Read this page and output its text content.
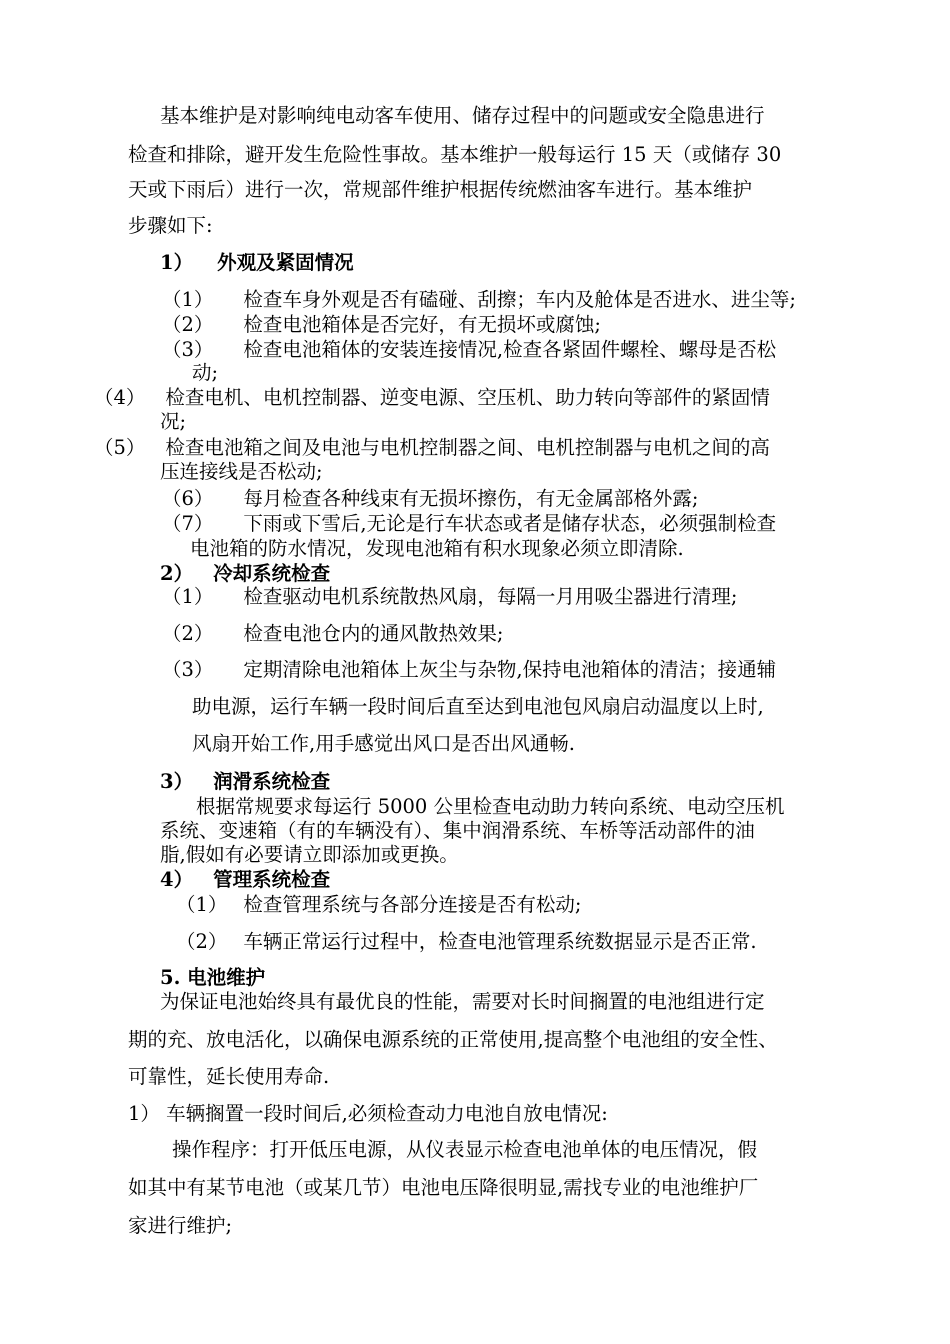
基本维护是对影响纯电动客车使用、储存过程中的问题或安全隐患进行
检查和排除，避开发生危险性事故。基本维护一般每运行 15 天（或储存 30
天或下雨后）进行一次，常规部件维护根据传统燃油客车进行。基本维护
步骤如下:
1） 外观及紧固情况
（1） 检查车身外观是否有磕碰、刮擦；车内及舱体是否进水、进尘等;
（2） 检查电池箱体是否完好，有无损坏或腐蚀;
（3） 检查电池箱体的安装连接情况,检查各紧固件螺栓、螺母是否松
动;
（4） 检查电机、电机控制器、逆变电源、空压机、助力转向等部件的紧固情
况;
（5） 检查电池箱之间及电池与电机控制器之间、电机控制器与电机之间的高
压连接线是否松动;
（6） 每月检查各种线束有无损坏擦伤，有无金属部格外露;
（7） 下雨或下雪后,无论是行车状态或者是储存状态，必须强制检查
电池箱的防水情况，发现电池箱有积水现象必须立即清除.
2） 冷却系统检查
（1） 检查驱动电机系统散热风扇，每隔一月用吸尘器进行清理;
（2） 检查电池仓内的通风散热效果;
（3） 定期清除电池箱体上灰尘与杂物,保持电池箱体的清洁；接通辅
助电源，运行车辆一段时间后直至达到电池包风扇启动温度以上时,
风扇开始工作,用手感觉出风口是否出风通畅.
3） 润滑系统检查
根据常规要求每运行 5000 公里检查电动助力转向系统、电动空压机
系统、变速箱（有的车辆没有）、集中润滑系统、车桥等活动部件的油
脂,假如有必要请立即添加或更换。
4） 管理系统检查
（1） 检查管理系统与各部分连接是否有松动;
（2） 车辆正常运行过程中，检查电池管理系统数据显示是否正常.
5. 电池维护
为保证电池始终具有最优良的性能，需要对长时间搁置的电池组进行定
期的充、放电活化，以确保电源系统的正常使用,提高整个电池组的安全性、
可靠性，延长使用寿命.
1） 车辆搁置一段时间后,必须检查动力电池自放电情况:
操作程序：打开低压电源，从仪表显示检查电池单体的电压情况，假
如其中有某节电池（或某几节）电池电压降很明显,需找专业的电池维护厂
家进行维护;
